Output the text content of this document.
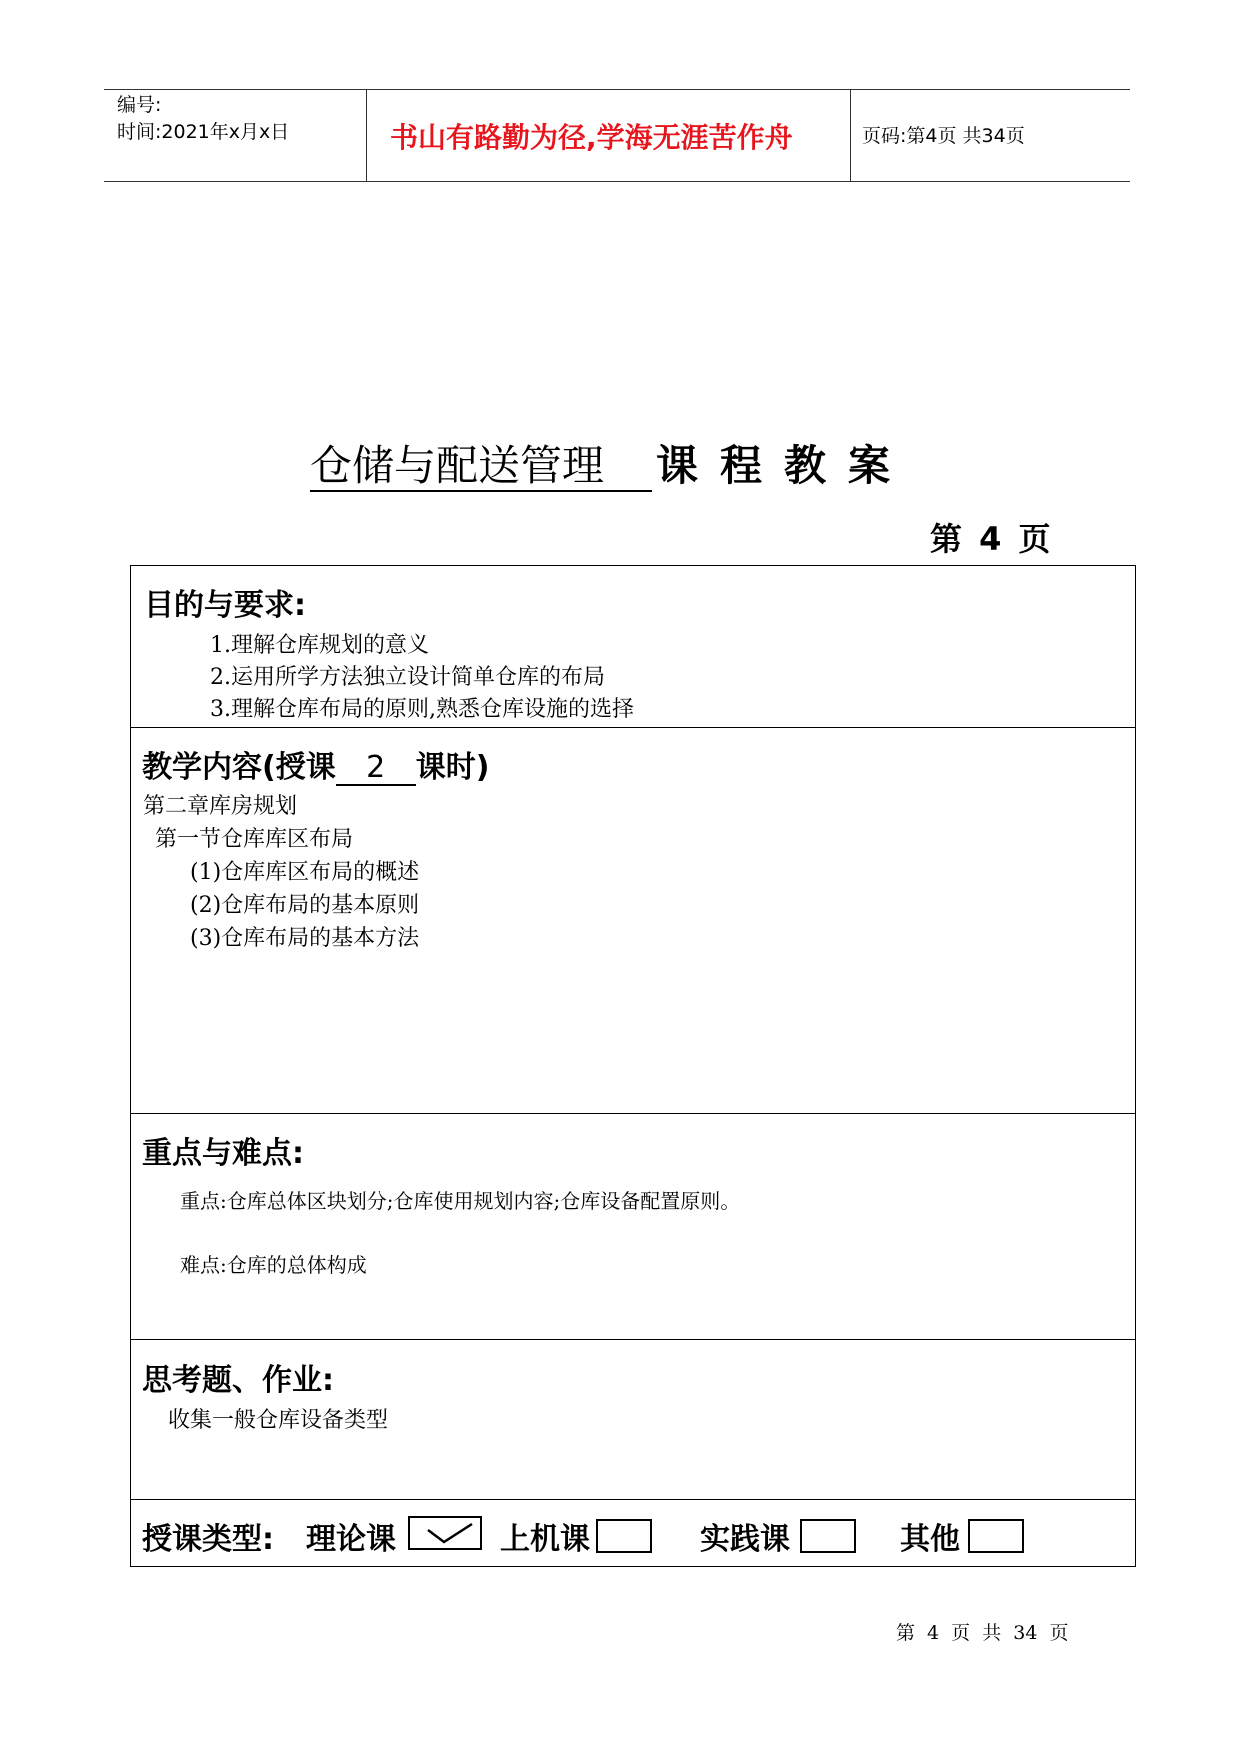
编号:
时间:2021年x月x日	书山有路勤为径,学海无涯苦作舟	页码:第4页 共34页
仓储与配送管理 课程教案
第 4 页
目的与要求:
1.理解仓库规划的意义
2.运用所学方法独立设计简单仓库的布局
3.理解仓库布局的原则,熟悉仓库设施的选择
教学内容(授课 2 课时)
第二章库房规划
第一节仓库库区布局
(1)仓库库区布局的概述
(2)仓库布局的基本原则
(3)仓库布局的基本方法
重点与难点:
重点:仓库总体区块划分;仓库使用规划内容;仓库设备配置原则。
难点:仓库的总体构成
思考题、作业:
收集一般仓库设备类型
授课类型: 理论课	上机课	实践课	其他
第 4 页 共 34 页
